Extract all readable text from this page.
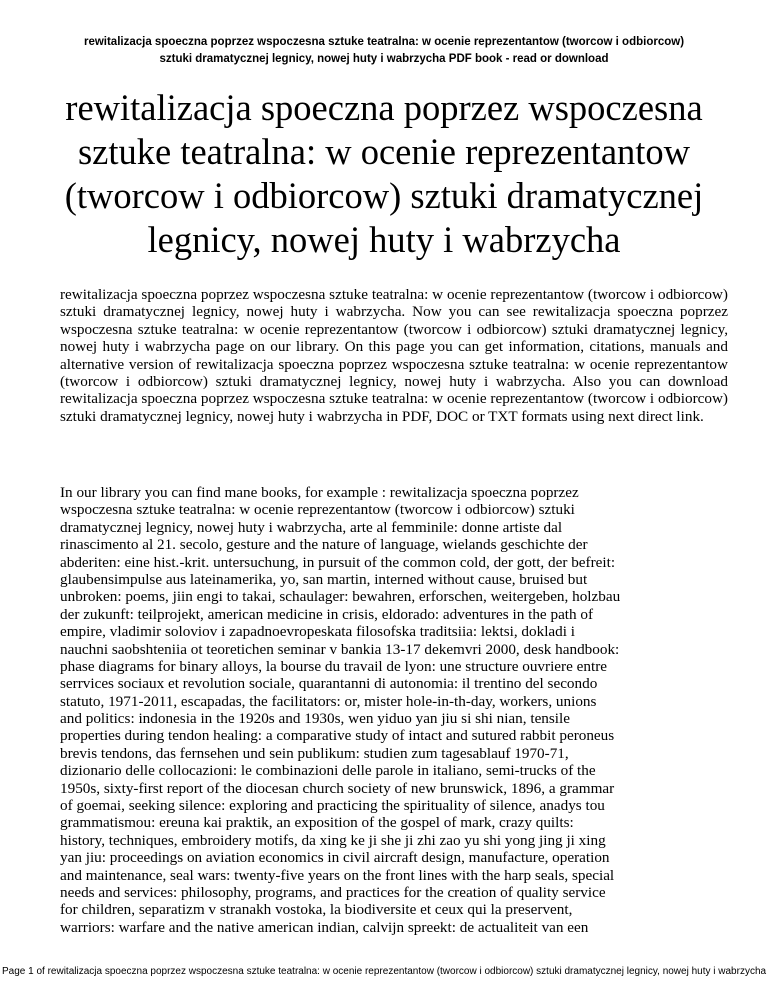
rewitalizacja spoeczna poprzez wspoczesna sztuke teatralna: w ocenie reprezentantow (tworcow i odbiorcow)
sztuki dramatycznej legnicy, nowej huty i wabrzycha PDF book - read or download
rewitalizacja spoeczna poprzez wspoczesna
sztuke teatralna: w ocenie reprezentantow
(tworcow i odbiorcow) sztuki dramatycznej
legnicy, nowej huty i wabrzycha

rewitalizacja spoeczna poprzez wspoczesna sztuke teatralna: w ocenie reprezentantow (tworcow i odbiorcow) sztuki dramatycznej legnicy, nowej huty i wabrzycha. Now you can see rewitalizacja spoeczna poprzez wspoczesna sztuke teatralna: w ocenie reprezentantow (tworcow i odbiorcow) sztuki dramatycznej legnicy, nowej huty i wabrzycha page on our library. On this page you can get information, citations, manuals and alternative version of rewitalizacja spoeczna poprzez wspoczesna sztuke teatralna: w ocenie reprezentantow (tworcow i odbiorcow) sztuki dramatycznej legnicy, nowej huty i wabrzycha. Also you can download rewitalizacja spoeczna poprzez wspoczesna sztuke teatralna: w ocenie reprezentantow (tworcow i odbiorcow) sztuki dramatycznej legnicy, nowej huty i wabrzycha in PDF, DOC or TXT formats using next direct link.

In our library you can find mane books, for example : rewitalizacja spoeczna poprzez
wspoczesna sztuke teatralna: w ocenie reprezentantow (tworcow i odbiorcow) sztuki
dramatycznej legnicy, nowej huty i wabrzycha, arte al femminile: donne artiste dal
rinascimento al 21. secolo, gesture and the nature of language, wielands geschichte der
abderiten: eine hist.-krit. untersuchung, in pursuit of the common cold, der gott, der befreit:
glaubensimpulse aus lateinamerika, yo, san martin, interned without cause, bruised but
unbroken: poems, jiin engi to takai, schaulager: bewahren, erforschen, weitergeben, holzbau
der zukunft: teilprojekt, american medicine in crisis, eldorado: adventures in the path of
empire, vladimir soloviov i zapadnoevropeskata filosofska traditsiia: lektsi, dokladi i
nauchni saobshteniia ot teoretichen seminar v bankia 13-17 dekemvri 2000, desk handbook:
phase diagrams for binary alloys, la bourse du travail de lyon: une structure ouvriere entre
serrvices sociaux et revolution sociale, quarantanni di autonomia: il trentino del secondo
statuto, 1971-2011, escapadas, the facilitators: or, mister hole-in-th-day, workers, unions
and politics: indonesia in the 1920s and 1930s, wen yiduo yan jiu si shi nian, tensile
properties during tendon healing: a comparative study of intact and sutured rabbit peroneus
brevis tendons, das fernsehen und sein publikum: studien zum tagesablauf 1970-71,
dizionario delle collocazioni: le combinazioni delle parole in italiano, semi-trucks of the
1950s, sixty-first report of the diocesan church society of new brunswick, 1896, a grammar
of goemai, seeking silence: exploring and practicing the spirituality of silence, anadys tou
grammatismou: ereuna kai praktik, an exposition of the gospel of mark, crazy quilts:
history, techniques, embroidery motifs, da xing ke ji she ji zhi zao yu shi yong jing ji xing
yan jiu: proceedings on aviation economics in civil aircraft design, manufacture, operation
and maintenance, seal wars: twenty-five years on the front lines with the harp seals, special
needs and services: philosophy, programs, and practices for the creation of quality service
for children, separatizm v stranakh vostoka, la biodiversite et ceux qui la preservent,
warriors: warfare and the native american indian, calvijn spreekt: de actualiteit van een
Page 1 of rewitalizacja spoeczna poprzez wspoczesna sztuke teatralna: w ocenie reprezentantow (tworcow i odbiorcow) sztuki dramatycznej legnicy, nowej huty i wabrzycha
